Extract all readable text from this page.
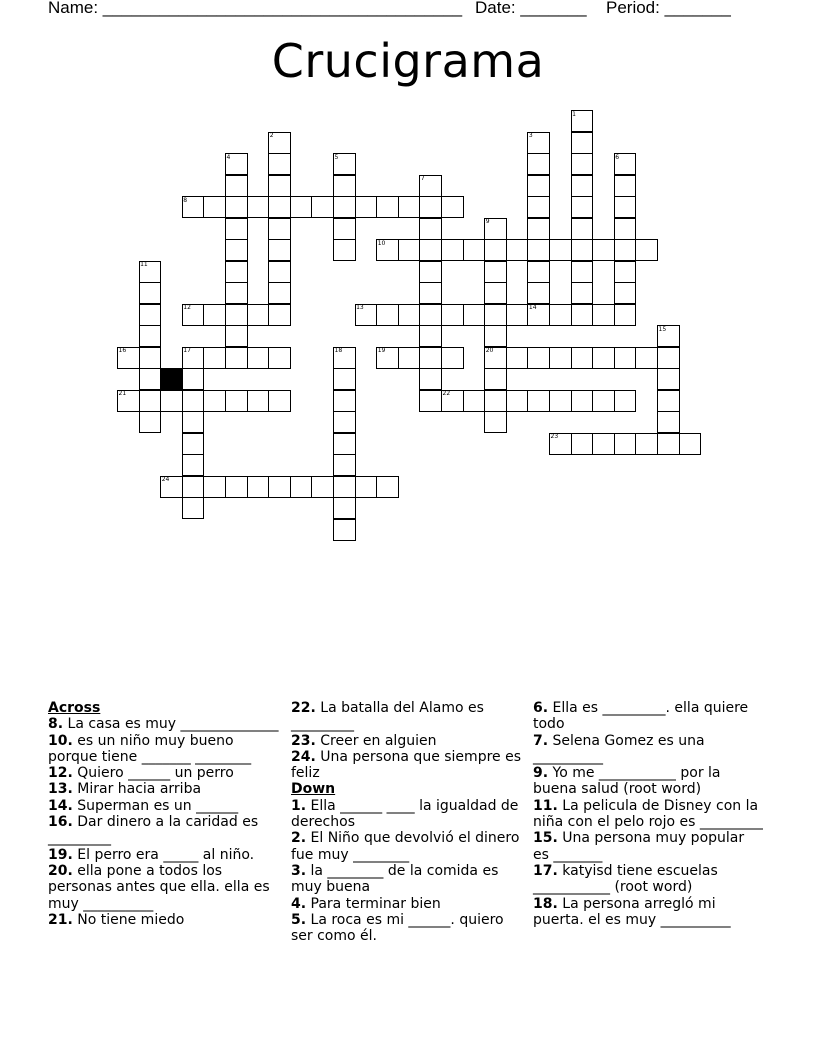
Name: ______________________________________ Date: _______ Period: _______
Crucigrama
1
2	3
4	5	6
7
8
9
10
11
12	13	14
15
16	17	18	19	20
21	22
23
24
Across
8. La casa es muy ______________
10. es un niño muy bueno porque tiene _______ ________
12. Quiero ______ un perro
13. Mirar hacia arriba
14. Superman es un ______
16. Dar dinero a la caridad es _________
19. El perro era _____ al niño.
20. ella pone a todos los personas antes que ella. ella es muy __________
21. No tiene miedo
22. La batalla del Alamo es _________
23. Creer en alguien
24. Una persona que siempre es feliz
Down
1. Ella ______ ____ la igualdad de derechos
2. El Niño que devolvió el dinero fue muy ________
3. la ________ de la comida es muy buena
4. Para terminar bien
5. La roca es mi ______. quiero ser como él.
6. Ella es _________. ella quiere todo
7. Selena Gomez es una __________
9. Yo me ___________ por la buena salud (root word)
11. La pelicula de Disney con la niña con el pelo rojo es _________
15. Una persona muy popular es _______
17. katyisd tiene escuelas ___________ (root word)
18. La persona arregló mi puerta. el es muy __________
